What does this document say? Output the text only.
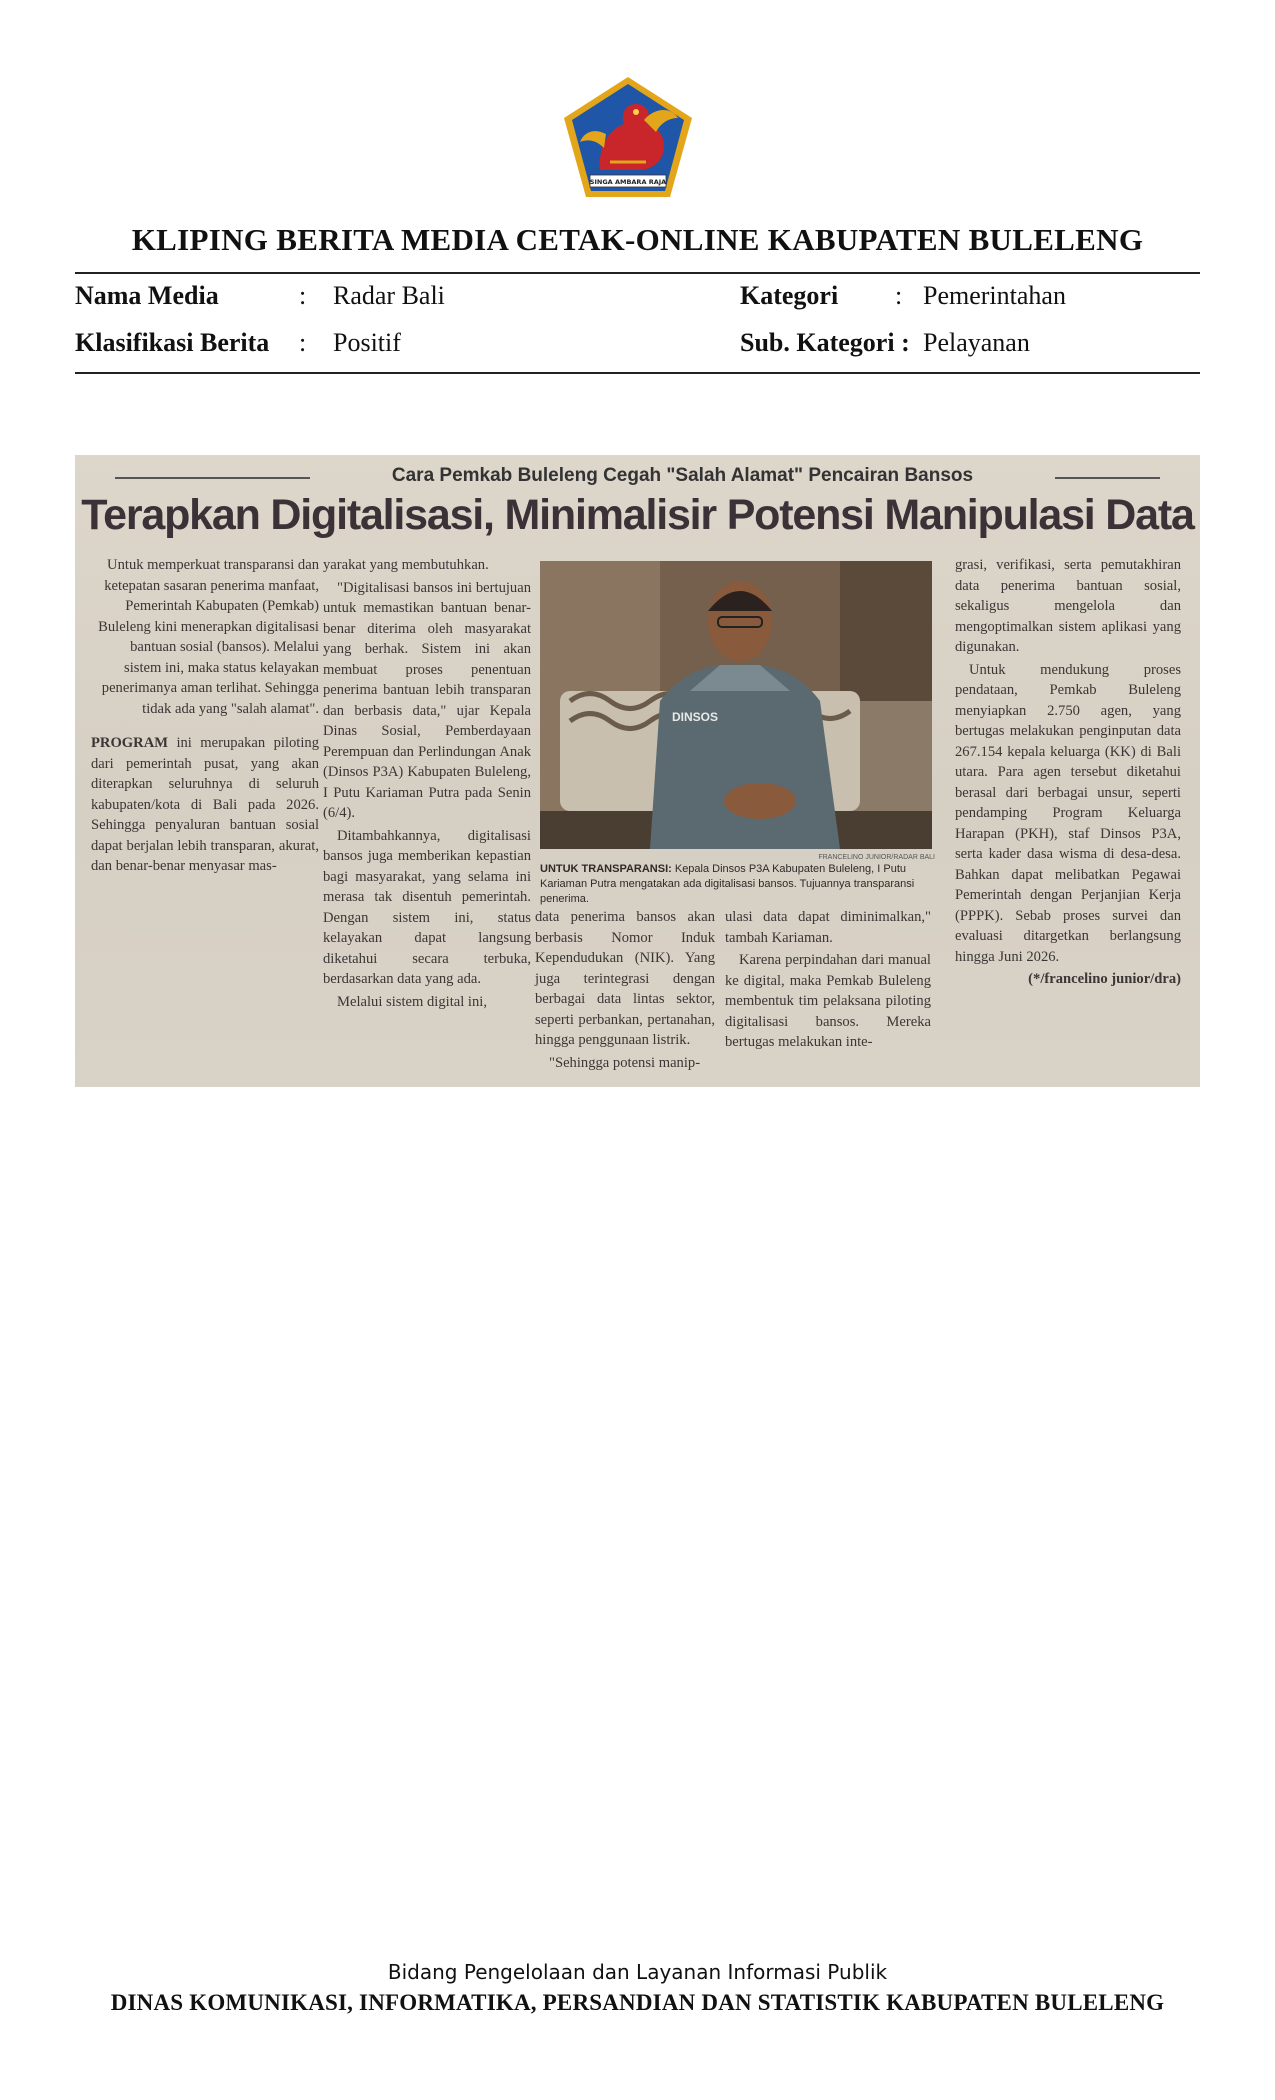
SINGA AMBARA RAJA
KLIPING BERITA MEDIA CETAK-ONLINE KABUPATEN BULELENG
Nama Media	: Radar Bali
Klasifikasi Berita : Positif
Kategori : Pemerintahan
Sub. Kategori : Pelayanan
Cara Pemkab Buleleng Cegah "Salah Alamat" Pencairan Bansos
Terapkan Digitalisasi, Minimalisir Potensi Manipulasi Data

Untuk memperkuat transparansi dan ketepatan sasaran penerima manfaat, Pemerintah Kabupaten (Pemkab) Buleleng kini menerapkan digitalisasi bantuan sosial (bansos). Melalui sistem ini, maka status kelayakan penerimanya aman terlihat. Sehingga tidak ada yang "salah alamat".

PROGRAM ini merupakan piloting dari pemerintah pusat, yang akan diterapkan seluruhnya di seluruh kabupaten/kota di Bali pada 2026. Sehingga penyaluran bantuan sosial dapat berjalan lebih transparan, akurat, dan benar-benar menyasar mas-

yarakat yang membutuhkan.

"Digitalisasi bansos ini bertujuan untuk memastikan bantuan benar-benar diterima oleh masyarakat yang berhak. Sistem ini akan membuat proses penentuan penerima bantuan lebih transparan dan berbasis data," ujar Kepala Dinas Sosial, Pemberdayaan Perempuan dan Perlindungan Anak (Dinsos P3A) Kabupaten Buleleng, I Putu Kariaman Putra pada Senin (6/4).

Ditambahkannya, digitalisasi bansos juga memberikan kepastian bagi masyarakat, yang selama ini merasa tak disentuh pemerintah. Dengan sistem ini, status kelayakan dapat langsung diketahui secara terbuka, berdasarkan data yang ada.

Melalui sistem digital ini,

DINSOS
FRANCELINO JUNIOR/RADAR BALI
UNTUK TRANSPARANSI: Kepala Dinsos P3A Kabupaten Buleleng, I Putu Kariaman Putra mengatakan ada digitalisasi bansos. Tujuannya transparansi penerima.

data penerima bansos akan berbasis Nomor Induk Kependudukan (NIK). Yang juga terintegrasi dengan berbagai data lintas sektor, seperti perbankan, pertanahan, hingga penggunaan listrik.

"Sehingga potensi manip-

ulasi data dapat diminimalkan," tambah Kariaman.

Karena perpindahan dari manual ke digital, maka Pemkab Buleleng membentuk tim pelaksana piloting digitalisasi bansos. Mereka bertugas melakukan inte-

grasi, verifikasi, serta pemutakhiran data penerima bantuan sosial, sekaligus mengelola dan mengoptimalkan sistem aplikasi yang digunakan.

Untuk mendukung proses pendataan, Pemkab Buleleng menyiapkan 2.750 agen, yang bertugas melakukan penginputan data 267.154 kepala keluarga (KK) di Bali utara. Para agen tersebut diketahui berasal dari berbagai unsur, seperti pendamping Program Keluarga Harapan (PKH), staf Dinsos P3A, serta kader dasa wisma di desa-desa. Bahkan dapat melibatkan Pegawai Pemerintah dengan Perjanjian Kerja (PPPK). Sebab proses survei dan evaluasi ditargetkan berlangsung hingga Juni 2026.

(*/francelino junior/dra)

Bidang Pengelolaan dan Layanan Informasi Publik
DINAS KOMUNIKASI, INFORMATIKA, PERSANDIAN DAN STATISTIK KABUPATEN BULELENG
